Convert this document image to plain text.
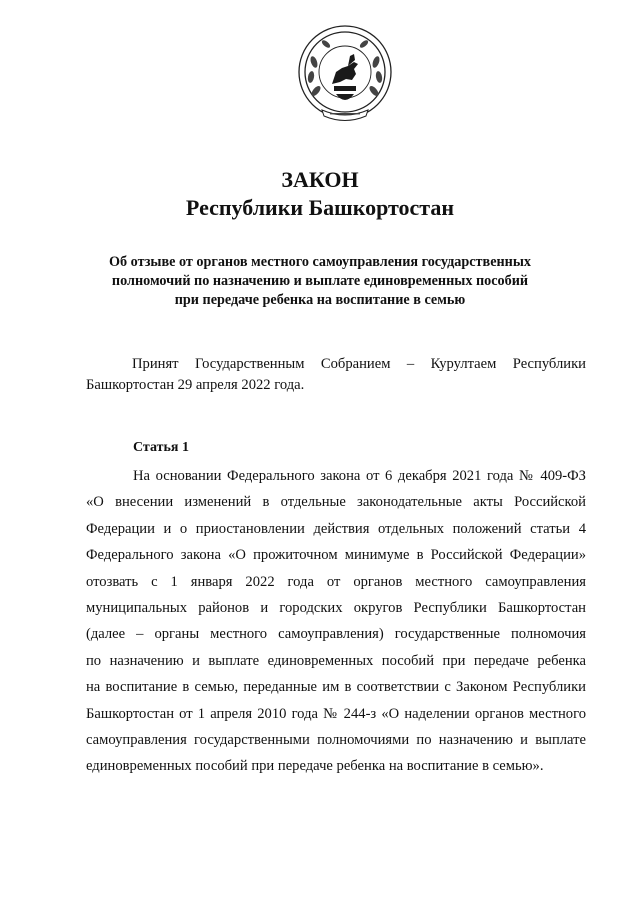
ЗАКОН
Республики Башкортостан
Об отзыве от органов местного самоуправления государственных
полномочий по назначению и выплате единовременных пособий
при передаче ребенка на воспитание в семью
Принят Государственным Собранием – Курултаем Республики
Башкортостан 29 апреля 2022 года.
Статья 1
На основании Федерального закона от 6 декабря 2021 года № 409-ФЗ
«О внесении изменений в отдельные законодательные акты Российской
Федерации и о приостановлении действия отдельных положений статьи 4
Федерального закона «О прожиточном минимуме в Российской Федерации»
отозвать с 1 января 2022 года от органов местного самоуправления
муниципальных районов и городских округов Республики Башкортостан
(далее – органы местного самоуправления) государственные полномочия
по назначению и выплате единовременных пособий при передаче ребенка
на воспитание в семью, переданные им в соответствии с Законом Республики
Башкортостан от 1 апреля 2010 года № 244-з «О наделении органов местного
самоуправления государственными полномочиями по назначению и выплате
единовременных пособий при передаче ребенка на воспитание в семью».
